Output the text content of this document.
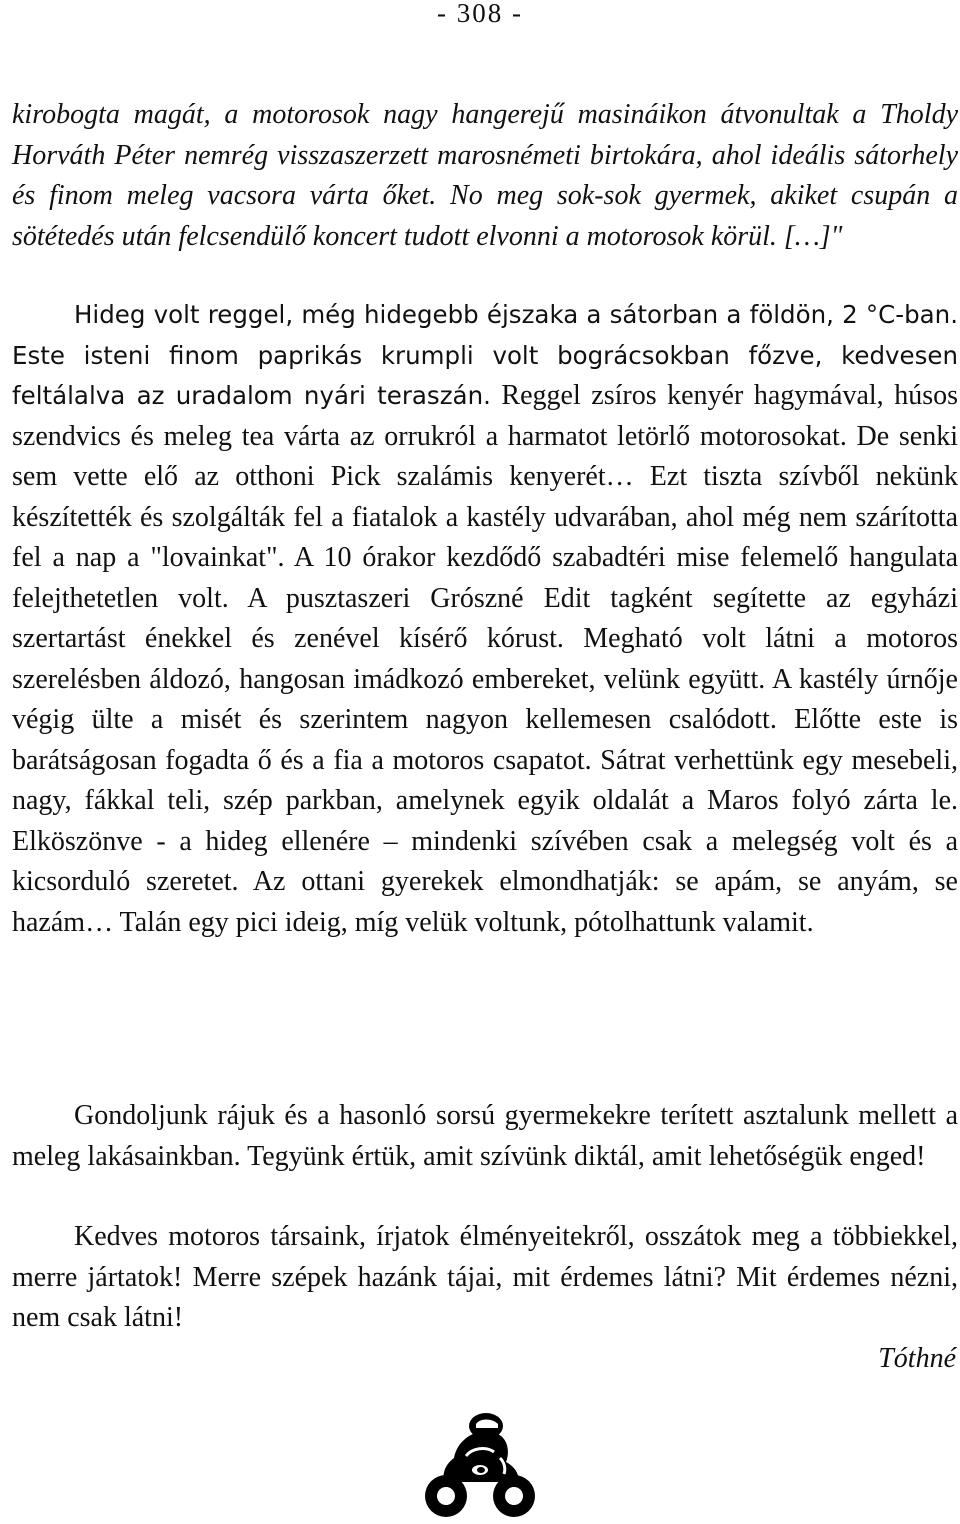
- 308 -

kirobogta magát, a motorosok nagy hangerejű masináikon átvonultak a Tholdy Horváth Péter nemrég visszaszerzett marosnémeti birtokára, ahol ideális sátorhely és finom meleg vacsora várta őket. No meg sok-sok gyermek, akiket csupán a sötétedés után felcsendülő koncert tudott elvonni a motorosok körül. […]"

Hideg volt reggel, még hidegebb éjszaka a sátorban a földön, 2 °C-ban. Este isteni finom paprikás krumpli volt bográcsokban főzve, kedvesen feltálalva az uradalom nyári teraszán. Reggel zsíros kenyér hagymával, húsos szendvics és meleg tea várta az orrukról a harmatot letörlő motorosokat. De senki sem vette elő az otthoni Pick szalámis kenyerét… Ezt tiszta szívből nekünk készítették és szolgálták fel a fiatalok a kastély udvarában, ahol még nem szárította fel a nap a "lovainkat". A 10 órakor kezdődő szabadtéri mise felemelő hangulata felejthetetlen volt. A pusztaszeri Grószné Edit tagként segítette az egyházi szertartást énekkel és zenével kísérő kórust. Megható volt látni a motoros szerelésben áldozó, hangosan imádkozó embereket, velünk együtt. A kastély úrnője végig ülte a misét és szerintem nagyon kellemesen csalódott. Előtte este is barátságosan fogadta ő és a fia a motoros csapatot. Sátrat verhettünk egy mesebeli, nagy, fákkal teli, szép parkban, amelynek egyik oldalát a Maros folyó zárta le. Elköszönve - a hideg ellenére – mindenki szívében csak a melegség volt és a kicsorduló szeretet. Az ottani gyerekek elmondhatják: se apám, se anyám, se hazám… Talán egy pici ideig, míg velük voltunk, pótolhattunk valamit.

Gondoljunk rájuk és a hasonló sorsú gyermekekre terített asztalunk mellett a meleg lakásainkban. Tegyünk értük, amit szívünk diktál, amit lehetőségük enged!

Kedves motoros társaink, írjatok élményeitekről, osszátok meg a többiekkel, merre jártatok! Merre szépek hazánk tájai, mit érdemes látni? Mit érdemes nézni, nem csak látni!

Tóthné
